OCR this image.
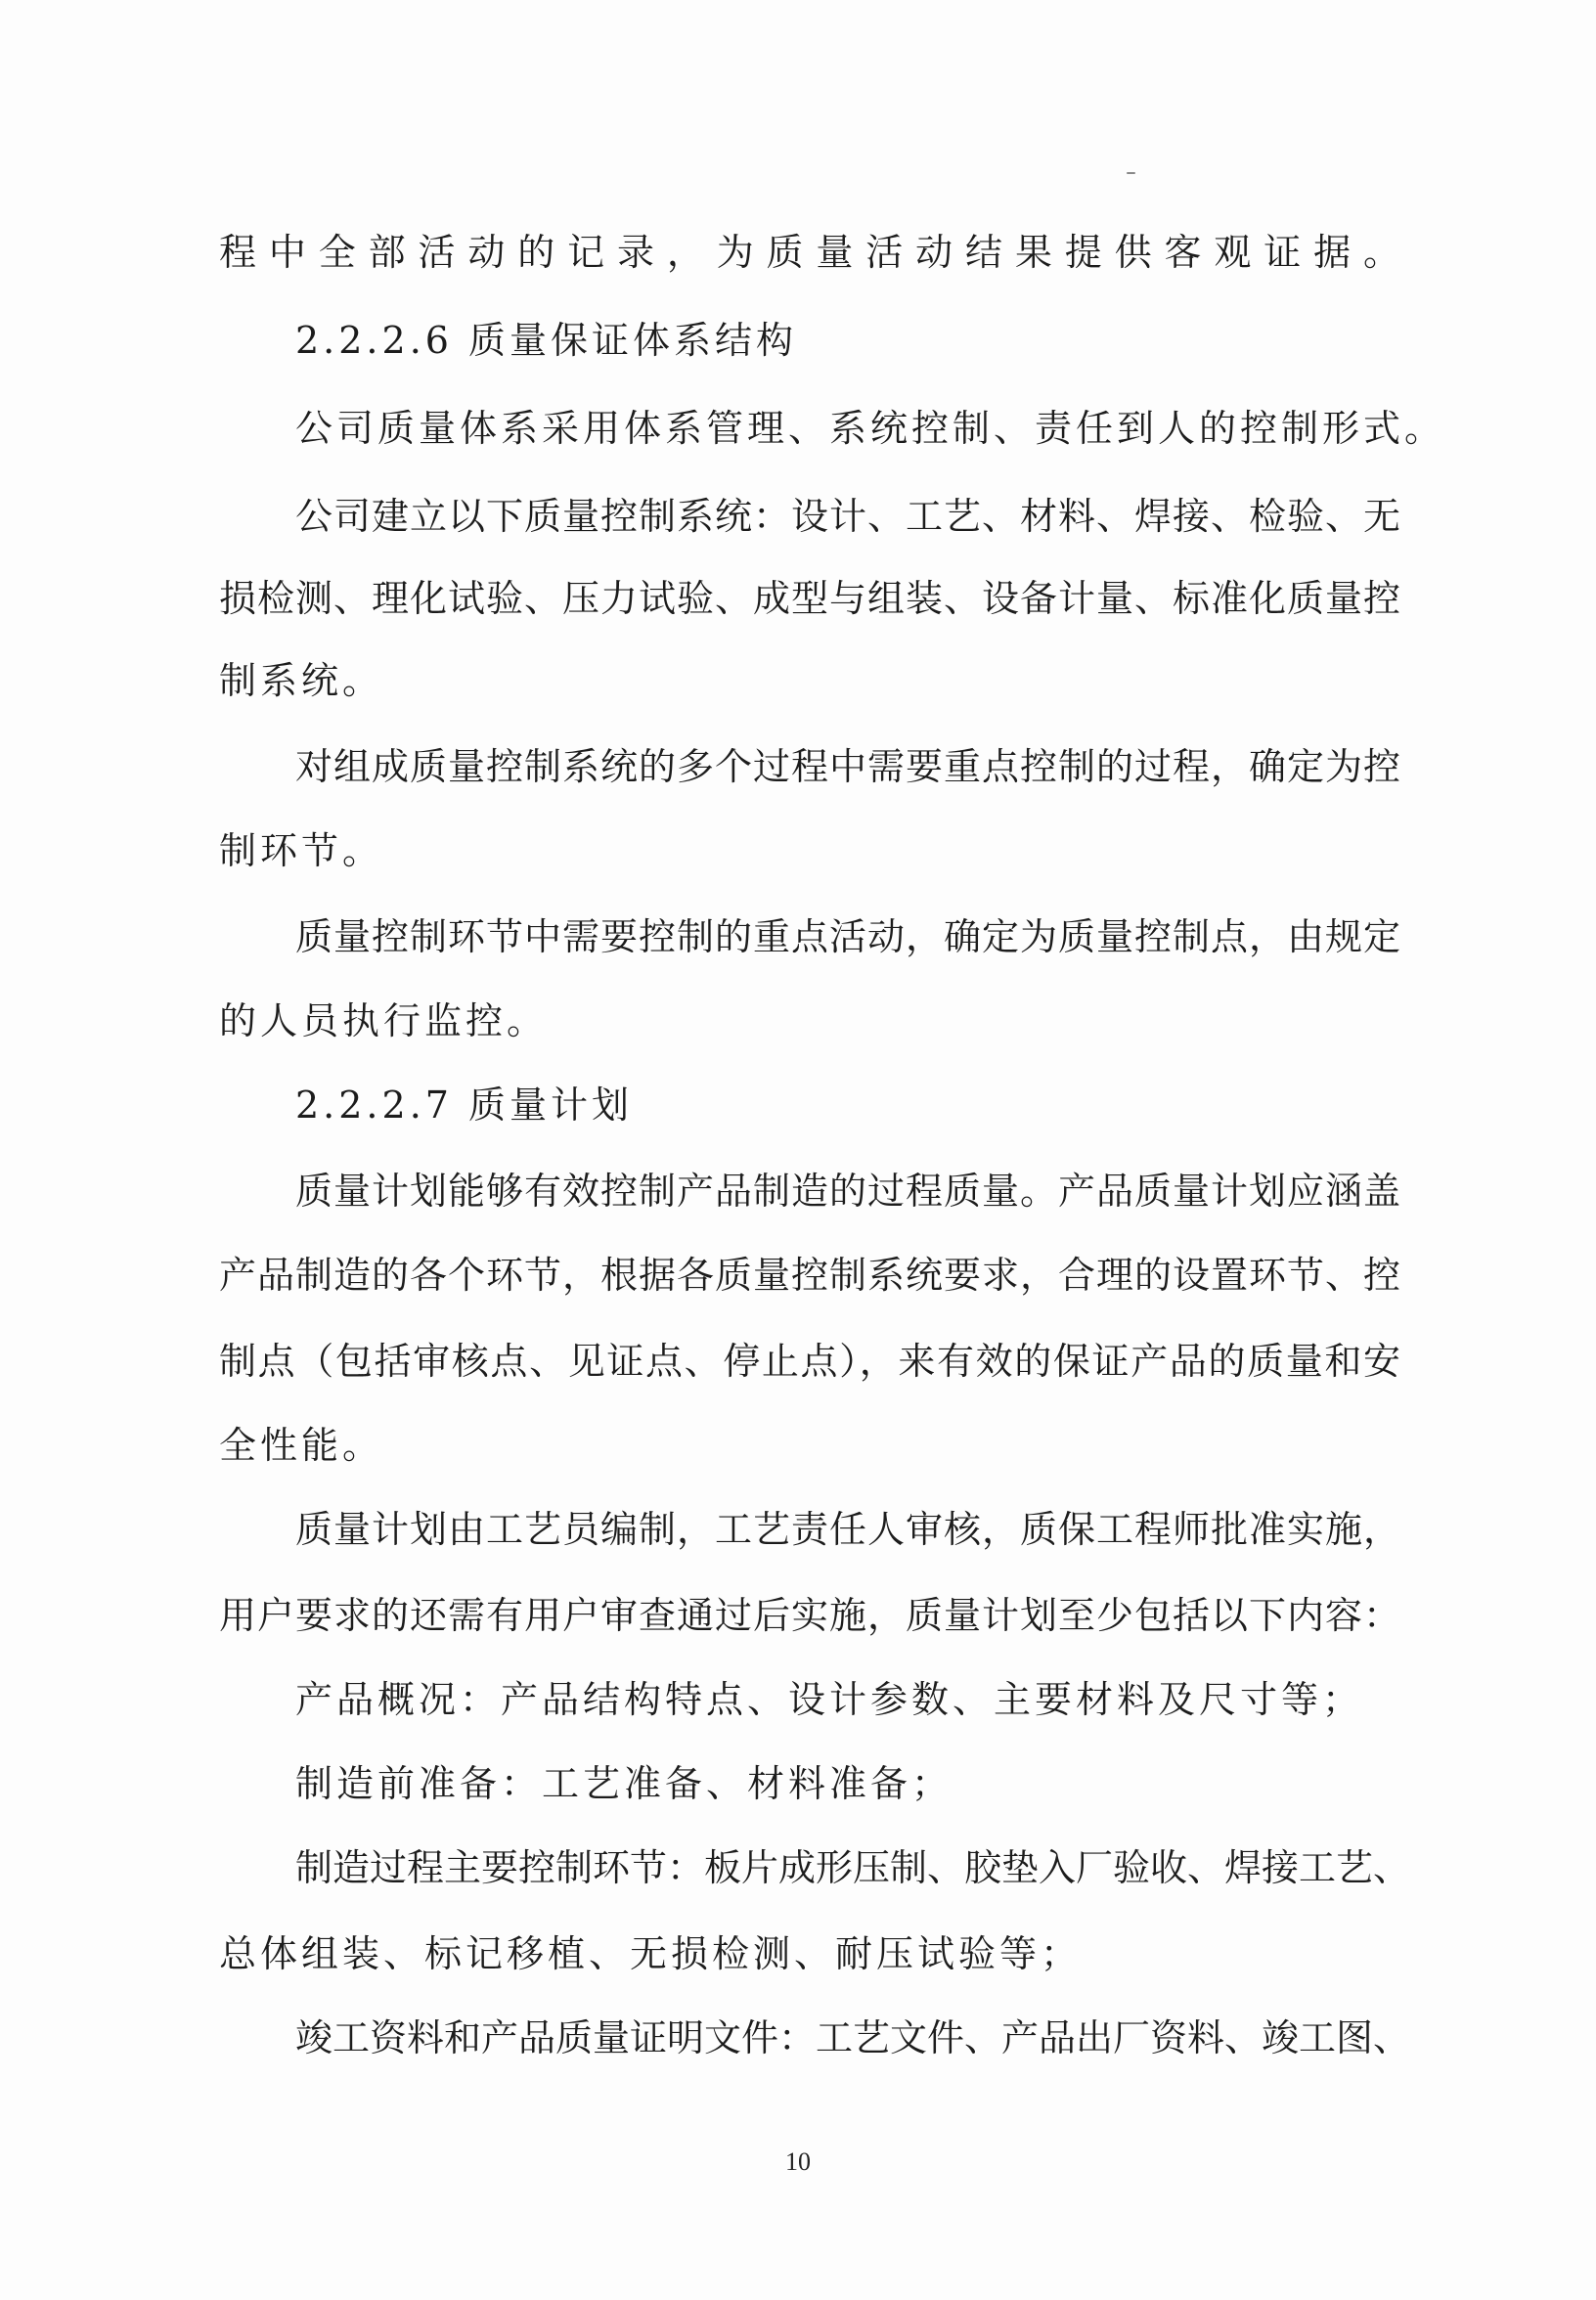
程中全部活动的记录，为质量活动结果提供客观证据。
2.2.2.6 质量保证体系结构
公司质量体系采用体系管理、系统控制、责任到人的控制形式。
公司建立以下质量控制系统：设计、工艺、材料、焊接、检验、无
损检测、理化试验、压力试验、成型与组装、设备计量、标准化质量控
制系统。
对组成质量控制系统的多个过程中需要重点控制的过程，确定为控
制环节。
质量控制环节中需要控制的重点活动，确定为质量控制点，由规定
的人员执行监控。
2.2.2.7 质量计划
质量计划能够有效控制产品制造的过程质量。产品质量计划应涵盖
产品制造的各个环节，根据各质量控制系统要求，合理的设置环节、控
制点（包括审核点、见证点、停止点），来有效的保证产品的质量和安
全性能。
质量计划由工艺员编制，工艺责任人审核，质保工程师批准实施，
用户要求的还需有用户审查通过后实施，质量计划至少包括以下内容：
产品概况：产品结构特点、设计参数、主要材料及尺寸等；
制造前准备：工艺准备、材料准备；
制造过程主要控制环节：板片成形压制、胶垫入厂验收、焊接工艺、
总体组装、标记移植、无损检测、耐压试验等；
竣工资料和产品质量证明文件：工艺文件、产品出厂资料、竣工图、
10
